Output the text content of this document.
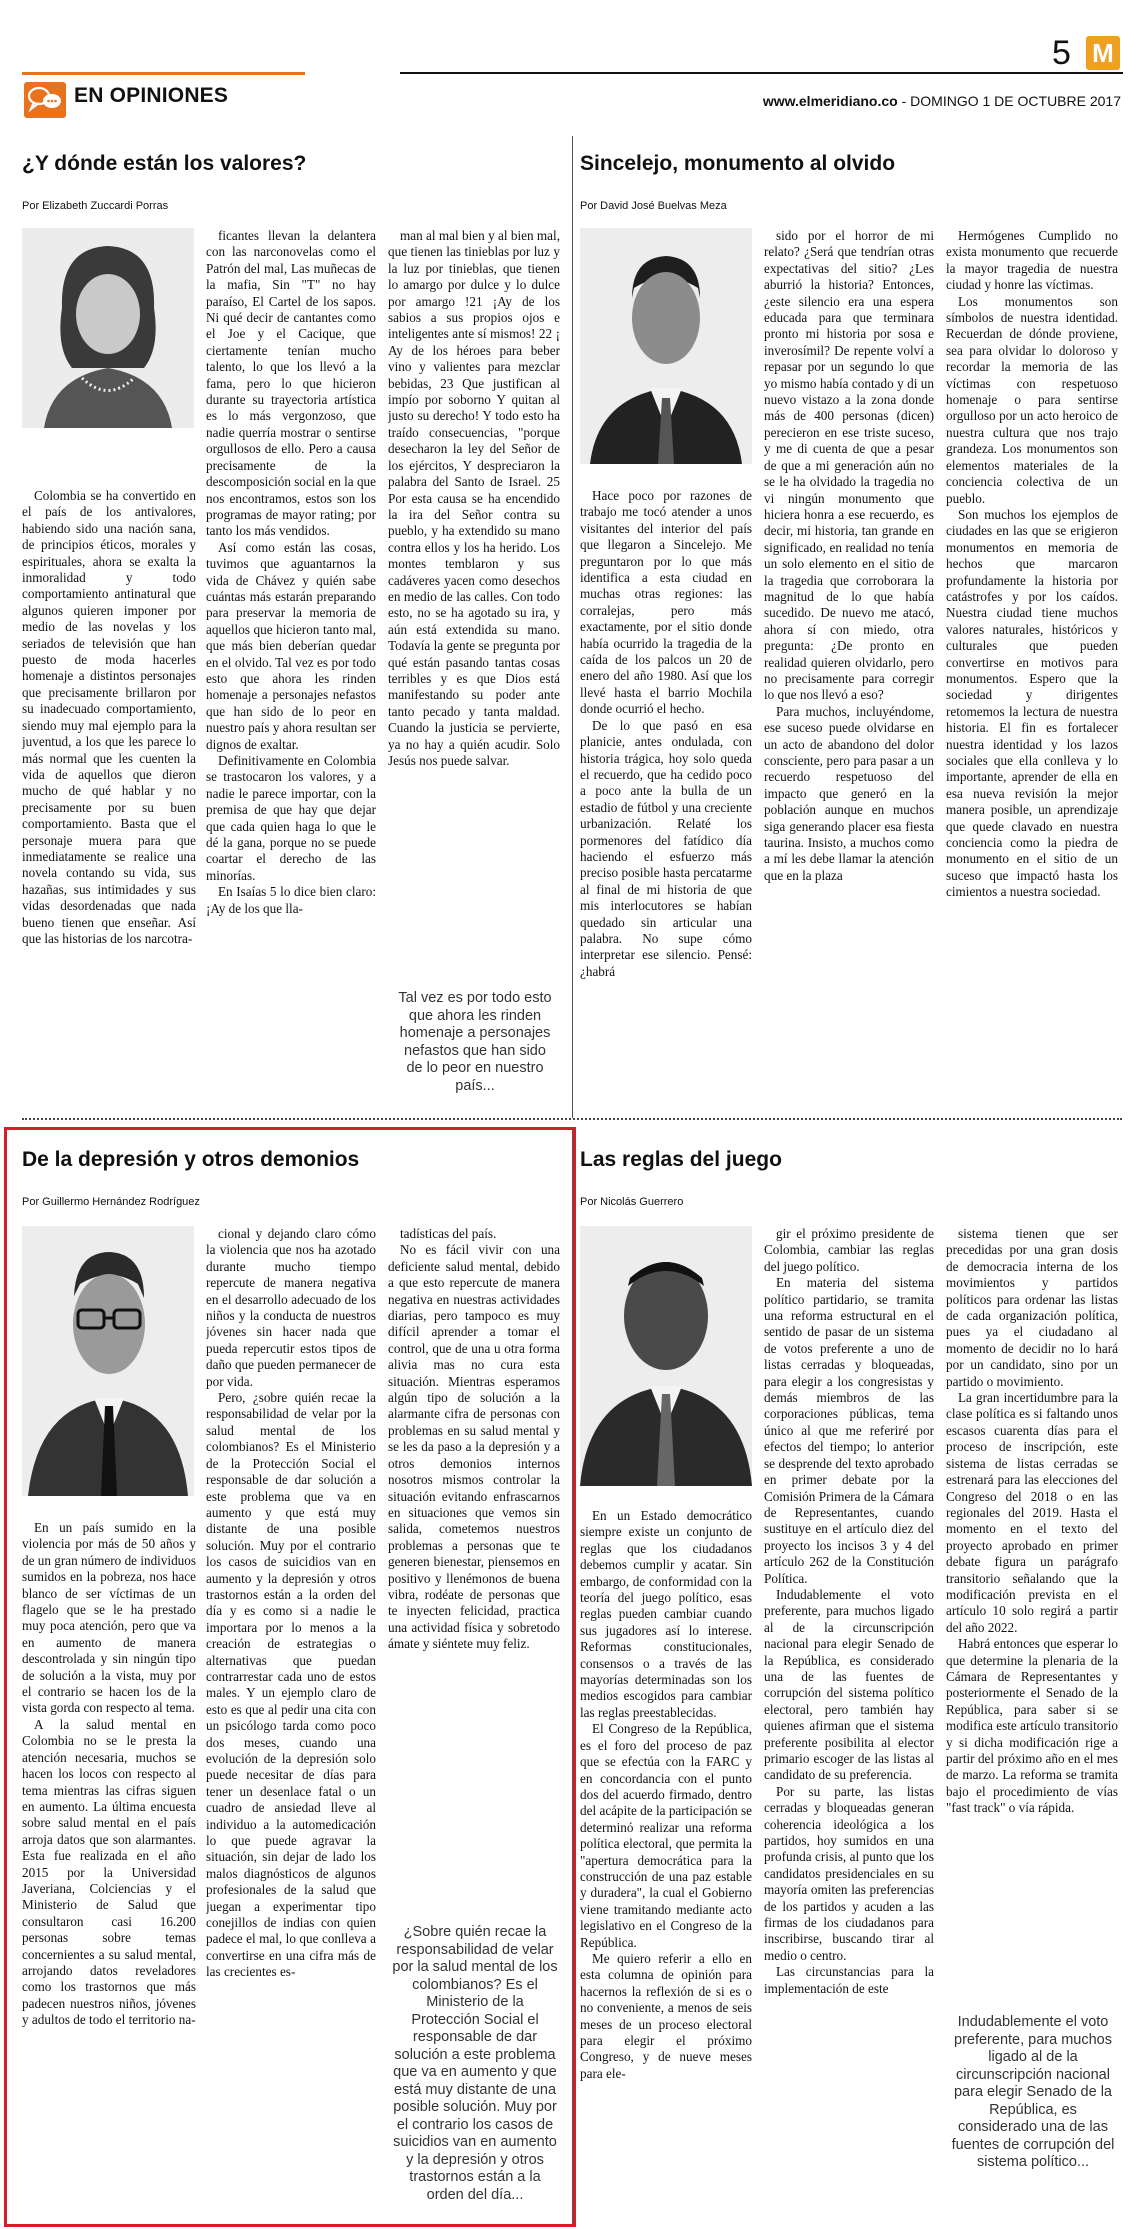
EN OPINIONES
5 M
www.elmeridiano.co - DOMINGO 1 DE OCTUBRE 2017
¿Y dónde están los valores?
Por Elizabeth Zuccardi Porras

Colombia se ha convertido en el país de los antivalores, habiendo sido una nación sana, de principios éticos, morales y espirituales, ahora se exalta la inmoralidad y todo comportamiento antinatural que algunos quieren imponer por medio de las novelas y los seriados de televisión que han puesto de moda hacerles homenaje a distintos personajes que precisamente brillaron por su inadecuado comportamiento, siendo muy mal ejemplo para la juventud, a los que les parece lo más normal que les cuenten la vida de aquellos que dieron mucho de qué hablar y no precisamente por su buen comportamiento. Basta que el personaje muera para que inmediatamente se realice una novela contando su vida, sus hazañas, sus intimidades y sus vidas desordenadas que nada bueno tienen que enseñar. Así que las historias de los narcotra-

ficantes llevan la delantera con las narconovelas como el Patrón del mal, Las muñecas de la mafia, Sin "T" no hay paraíso, El Cartel de los sapos. Ni qué decir de cantantes como el Joe y el Cacique, que ciertamente tenían mucho talento, lo que los llevó a la fama, pero lo que hicieron durante su trayectoria artística es lo más vergonzoso, que nadie querría mostrar o sentirse orgullosos de ello. Pero a causa precisamente de la descomposición social en la que nos encontramos, estos son los programas de mayor rating; por tanto los más vendidos.

Así como están las cosas, tuvimos que aguantarnos la vida de Chávez y quién sabe cuántas más estarán preparando para preservar la memoria de aquellos que hicieron tanto mal, que más bien deberían quedar en el olvido. Tal vez es por todo esto que ahora les rinden homenaje a personajes nefastos que han sido de lo peor en nuestro país y ahora resultan ser dignos de exaltar.

Definitivamente en Colombia se trastocaron los valores, y a nadie le parece importar, con la premisa de que hay que dejar que cada quien haga lo que le dé la gana, porque no se puede coartar el derecho de las minorías.

En Isaías 5 lo dice bien claro: ¡Ay de los que lla-

man al mal bien y al bien mal, que tienen las tinieblas por luz y la luz por tinieblas, que tienen lo amargo por dulce y lo dulce por amargo !21 ¡Ay de los sabios a sus propios ojos e inteligentes ante sí mismos! 22 ¡ Ay de los héroes para beber vino y valientes para mezclar bebidas, 23 Que justifican al impío por soborno Y quitan al justo su derecho! Y todo esto ha traído consecuencias, "porque desecharon la ley del Señor de los ejércitos, Y despreciaron la palabra del Santo de Israel. 25 Por esta causa se ha encendido la ira del Señor contra su pueblo, y ha extendido su mano contra ellos y los ha herido. Los montes temblaron y sus cadáveres yacen como desechos en medio de las calles. Con todo esto, no se ha agotado su ira, y aún está extendida su mano. Todavía la gente se pregunta por qué están pasando tantas cosas terribles y es que Dios está manifestando su poder ante tanto pecado y tanta maldad. Cuando la justicia se pervierte, ya no hay a quién acudir. Solo Jesús nos puede salvar.

Tal vez es por todo esto que ahora les rinden homenaje a personajes nefastos que han sido de lo peor en nuestro país...
Sincelejo, monumento al olvido
Por David José Buelvas Meza

Hace poco por razones de trabajo me tocó atender a unos visitantes del interior del país que llegaron a Sincelejo. Me preguntaron por lo que más identifica a esta ciudad en muchas otras regiones: las corralejas, pero más exactamente, por el sitio donde había ocurrido la tragedia de la caída de los palcos un 20 de enero del año 1980. Así que los llevé hasta el barrio Mochila donde ocurrió el hecho.

De lo que pasó en esa planicie, antes ondulada, con historia trágica, hoy solo queda el recuerdo, que ha cedido poco a poco ante la bulla de un estadio de fútbol y una creciente urbanización. Relaté los pormenores del fatídico día haciendo el esfuerzo más preciso posible hasta percatarme al final de mi historia de que mis interlocutores se habían quedado sin articular una palabra. No supe cómo interpretar ese silencio. Pensé: ¿habrá

sido por el horror de mi relato? ¿Será que tendrían otras expectativas del sitio? ¿Les aburrió la historia? Entonces, ¿este silencio era una espera educada para que terminara pronto mi historia por sosa e inverosímil? De repente volví a repasar por un segundo lo que yo mismo había contado y di un nuevo vistazo a la zona donde más de 400 personas (dicen) perecieron en ese triste suceso, y me di cuenta de que a pesar de que a mi generación aún no se le ha olvidado la tragedia no vi ningún monumento que hiciera honra a ese recuerdo, es decir, mi historia, tan grande en significado, en realidad no tenía un solo elemento en el sitio de la tragedia que corroborara la magnitud de lo que había sucedido. De nuevo me atacó, ahora sí con miedo, otra pregunta: ¿De pronto en realidad quieren olvidarlo, pero no precisamente para corregir lo que nos llevó a eso?

Para muchos, incluyéndome, ese suceso puede olvidarse en un acto de abandono del dolor consciente, pero para pasar a un recuerdo respetuoso del impacto que generó en la población aunque en muchos siga generando placer esa fiesta taurina. Insisto, a muchos como a mí les debe llamar la atención que en la plaza

Hermógenes Cumplido no exista monumento que recuerde la mayor tragedia de nuestra ciudad y honre las víctimas.

Los monumentos son símbolos de nuestra identidad. Recuerdan de dónde proviene, sea para olvidar lo doloroso y recordar la memoria de las víctimas con respetuoso homenaje o para sentirse orgulloso por un acto heroico de nuestra cultura que nos trajo grandeza. Los monumentos son elementos materiales de la conciencia colectiva de un pueblo.

Son muchos los ejemplos de ciudades en las que se erigieron monumentos en memoria de hechos que marcaron profundamente la historia por catástrofes y por los caídos. Nuestra ciudad tiene muchos valores naturales, históricos y culturales que pueden convertirse en motivos para monumentos. Espero que la sociedad y dirigentes retomemos la lectura de nuestra historia. El fin es fortalecer nuestra identidad y los lazos sociales que ella conlleva y lo importante, aprender de ella en esa nueva revisión la mejor manera posible, un aprendizaje que quede clavado en nuestra conciencia como la piedra de monumento en el sitio de un suceso que impactó hasta los cimientos a nuestra sociedad.

De la depresión y otros demonios
Por Guillermo Hernández Rodríguez

En un país sumido en la violencia por más de 50 años y de un gran número de individuos sumidos en la pobreza, nos hace blanco de ser víctimas de un flagelo que se le ha prestado muy poca atención, pero que va en aumento de manera descontrolada y sin ningún tipo de solución a la vista, muy por el contrario se hacen los de la vista gorda con respecto al tema.

A la salud mental en Colombia no se le presta la atención necesaria, muchos se hacen los locos con respecto al tema mientras las cifras siguen en aumento. La última encuesta sobre salud mental en el país arroja datos que son alarmantes. Esta fue realizada en el año 2015 por la Universidad Javeriana, Colciencias y el Ministerio de Salud que consultaron casi 16.200 personas sobre temas concernientes a su salud mental, arrojando datos reveladores como los trastornos que más padecen nuestros niños, jóvenes y adultos de todo el territorio na-

cional y dejando claro cómo la violencia que nos ha azotado durante mucho tiempo repercute de manera negativa en el desarrollo adecuado de los niños y la conducta de nuestros jóvenes sin hacer nada que pueda repercutir estos tipos de daño que pueden permanecer de por vida.

Pero, ¿sobre quién recae la responsabilidad de velar por la salud mental de los colombianos? Es el Ministerio de la Protección Social el responsable de dar solución a este problema que va en aumento y que está muy distante de una posible solución. Muy por el contrario los casos de suicidios van en aumento y la depresión y otros trastornos están a la orden del día y es como si a nadie le importara por lo menos a la creación de estrategias o alternativas que puedan contrarrestar cada uno de estos males. Y un ejemplo claro de esto es que al pedir una cita con un psicólogo tarda como poco dos meses, cuando una evolución de la depresión solo puede necesitar de días para tener un desenlace fatal o un cuadro de ansiedad lleve al individuo a la automedicación lo que puede agravar la situación, sin dejar de lado los malos diagnósticos de algunos profesionales de la salud que juegan a experimentar tipo conejillos de indias con quien padece el mal, lo que conlleva a convertirse en una cifra más de las crecientes es-

tadísticas del país.

No es fácil vivir con una deficiente salud mental, debido a que esto repercute de manera negativa en nuestras actividades diarias, pero tampoco es muy difícil aprender a tomar el control, que de una u otra forma alivia mas no cura esta situación. Mientras esperamos algún tipo de solución a la alarmante cifra de personas con problemas en su salud mental y se les da paso a la depresión y a otros demonios internos nosotros mismos controlar la situación evitando enfrascarnos en situaciones que vemos sin salida, cometemos nuestros problemas a personas que te generen bienestar, piensemos en positivo y llenémonos de buena vibra, rodéate de personas que te inyecten felicidad, practica una actividad física y sobretodo ámate y siéntete muy feliz.

¿Sobre quién recae la responsabilidad de velar por la salud mental de los colombianos? Es el Ministerio de la Protección Social el responsable de dar solución a este problema que va en aumento y que está muy distante de una posible solución. Muy por el contrario los casos de suicidios van en aumento y la depresión y otros trastornos están a la orden del día...
Las reglas del juego
Por Nicolás Guerrero

En un Estado democrático siempre existe un conjunto de reglas que los ciudadanos debemos cumplir y acatar. Sin embargo, de conformidad con la teoría del juego político, esas reglas pueden cambiar cuando sus jugadores así lo interese. Reformas constitucionales, consensos o a través de las mayorías determinadas son los medios escogidos para cambiar las reglas preestablecidas.

El Congreso de la República, es el foro del proceso de paz que se efectúa con la FARC y en concordancia con el punto dos del acuerdo firmado, dentro del acápite de la participación se determinó realizar una reforma política electoral, que permita la "apertura democrática para la construcción de una paz estable y duradera", la cual el Gobierno viene tramitando mediante acto legislativo en el Congreso de la República.

Me quiero referir a ello en esta columna de opinión para hacernos la reflexión de si es o no conveniente, a menos de seis meses de un proceso electoral para elegir el próximo Congreso, y de nueve meses para ele-

gir el próximo presidente de Colombia, cambiar las reglas del juego político.

En materia del sistema político partidario, se tramita una reforma estructural en el sentido de pasar de un sistema de votos preferente a uno de listas cerradas y bloqueadas, para elegir a los congresistas y demás miembros de las corporaciones públicas, tema único al que me referiré por efectos del tiempo; lo anterior se desprende del texto aprobado en primer debate por la Comisión Primera de la Cámara de Representantes, cuando sustituye en el artículo diez del proyecto los incisos 3 y 4 del artículo 262 de la Constitución Política.

Indudablemente el voto preferente, para muchos ligado al de la circunscripción nacional para elegir Senado de la República, es considerado una de las fuentes de corrupción del sistema político electoral, pero también hay quienes afirman que el sistema preferente posibilita al elector primario escoger de las listas al candidato de su preferencia.

Por su parte, las listas cerradas y bloqueadas generan coherencia ideológica a los partidos, hoy sumidos en una profunda crisis, al punto que los candidatos presidenciales en su mayoría omiten las preferencias de los partidos y acuden a las firmas de los ciudadanos para inscribirse, buscando tirar al medio o centro.

Las circunstancias para la implementación de este

sistema tienen que ser precedidas por una gran dosis de democracia interna de los movimientos y partidos políticos para ordenar las listas de cada organización política, pues ya el ciudadano al momento de decidir no lo hará por un candidato, sino por un partido o movimiento.

La gran incertidumbre para la clase política es si faltando unos escasos cuarenta días para el proceso de inscripción, este sistema de listas cerradas se estrenará para las elecciones del Congreso del 2018 o en las regionales del 2019. Hasta el momento en el texto del proyecto aprobado en primer debate figura un parágrafo transitorio señalando que la modificación prevista en el artículo 10 solo regirá a partir del año 2022.

Habrá entonces que esperar lo que determine la plenaria de la Cámara de Representantes y posteriormente el Senado de la República, para saber si se modifica este artículo transitorio y si dicha modificación rige a partir del próximo año en el mes de marzo. La reforma se tramita bajo el procedimiento de vías "fast track" o vía rápida.

Indudablemente el voto preferente, para muchos ligado al de la circunscripción nacional para elegir Senado de la República, es considerado una de las fuentes de corrupción del sistema político...
